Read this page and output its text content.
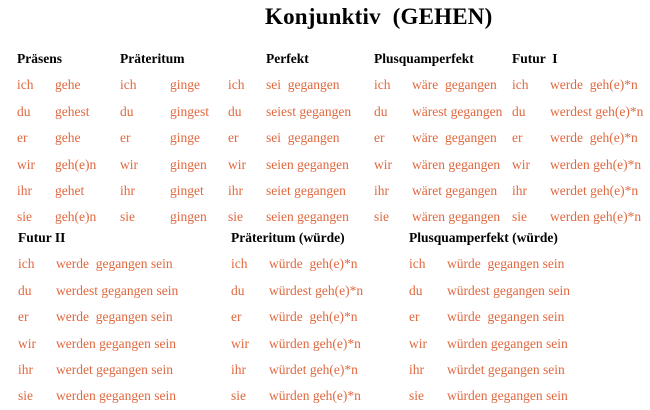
Konjunktiv  (GEHEN)
Präsens
ich	gehe
du	gehest
er	gehe
wir	geh(e)n
ihr	gehet
sie	geh(e)n
Präteritum
ich	ginge
du	gingest
er	ginge
wir	gingen
ihr	ginget
sie	gingen
Perfekt
ich	sei  gegangen
du	seiest gegangen
er	sei  gegangen
wir	seien gegangen
ihr	seiet gegangen
sie	seien gegangen
Plusquamperfekt
ich	wäre  gegangen
du	wärest gegangen
er	wäre  gegangen
wir	wären gegangen
ihr	wäret gegangen
sie	wären gegangen
Futur  I
ich	werde  geh(e)*n
du	werdest geh(e)*n
er	werde  geh(e)*n
wir	werden geh(e)*n
ihr	werdet geh(e)*n
sie	werden geh(e)*n
Futur II
ich	werde  gegangen sein
du	werdest gegangen sein
er	werde  gegangen sein
wir	werden gegangen sein
ihr	werdet gegangen sein
sie	werden gegangen sein
Präteritum (würde)
ich	würde  geh(e)*n
du	würdest geh(e)*n
er	würde  geh(e)*n
wir	würden geh(e)*n
ihr	würdet geh(e)*n
sie	würden geh(e)*n
Plusquamperfekt (würde)
ich	würde  gegangen sein
du	würdest gegangen sein
er	würde  gegangen sein
wir	würden gegangen sein
ihr	würdet gegangen sein
sie	würden gegangen sein
